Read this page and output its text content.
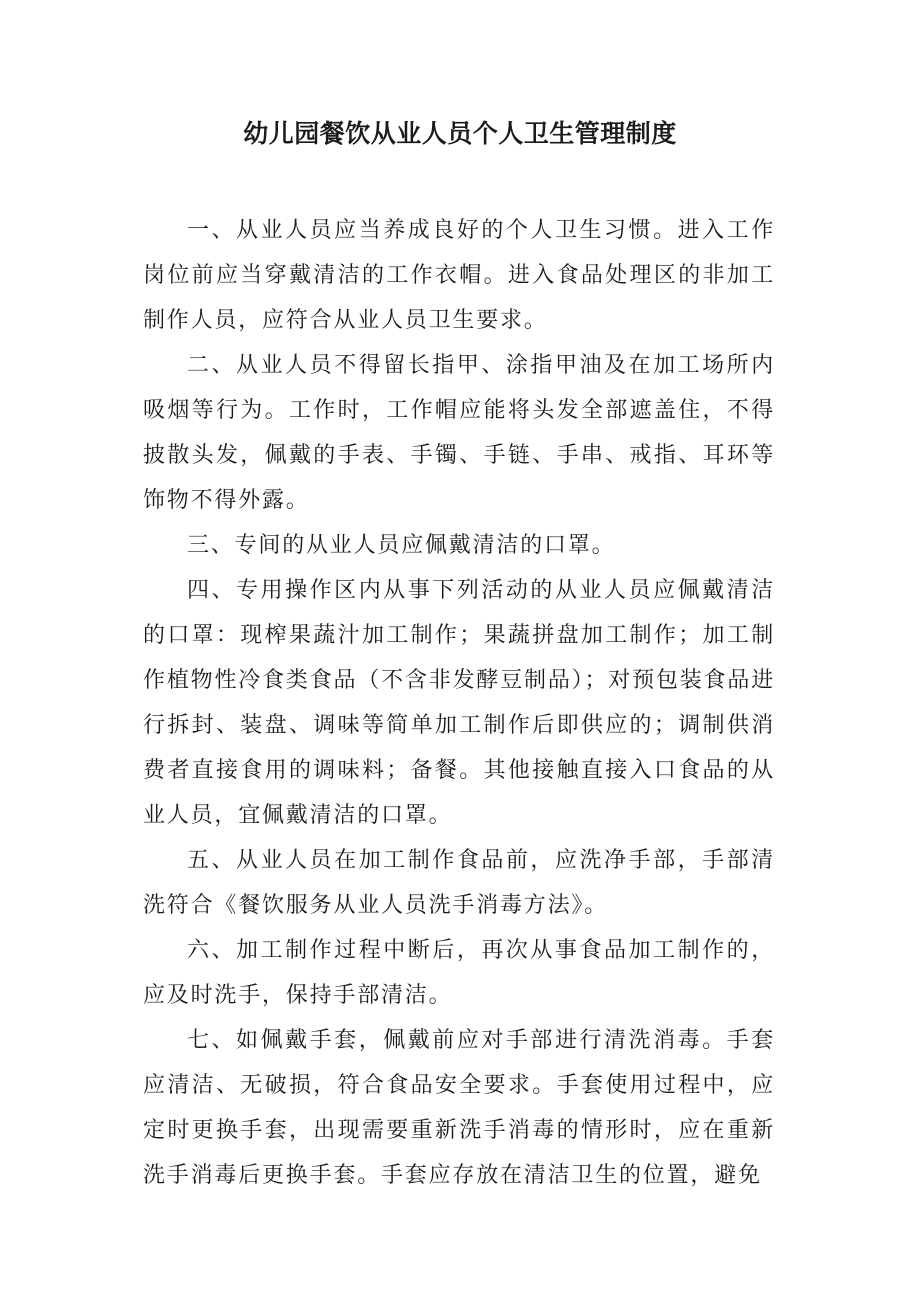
幼儿园餐饮从业人员个人卫生管理制度

一、从业人员应当养成良好的个人卫生习惯。进入工作岗位前应当穿戴清洁的工作衣帽。进入食品处理区的非加工制作人员，应符合从业人员卫生要求。

二、从业人员不得留长指甲、涂指甲油及在加工场所内吸烟等行为。工作时，工作帽应能将头发全部遮盖住，不得披散头发，佩戴的手表、手镯、手链、手串、戒指、耳环等饰物不得外露。

三、专间的从业人员应佩戴清洁的口罩。

四、专用操作区内从事下列活动的从业人员应佩戴清洁的口罩：现榨果蔬汁加工制作；果蔬拼盘加工制作；加工制作植物性冷食类食品（不含非发酵豆制品）；对预包装食品进行拆封、装盘、调味等简单加工制作后即供应的；调制供消费者直接食用的调味料；备餐。其他接触直接入口食品的从业人员，宜佩戴清洁的口罩。

五、从业人员在加工制作食品前，应洗净手部，手部清洗符合《餐饮服务从业人员洗手消毒方法》。

六、加工制作过程中断后，再次从事食品加工制作的，应及时洗手，保持手部清洁。

七、如佩戴手套，佩戴前应对手部进行清洗消毒。手套应清洁、无破损，符合食品安全要求。手套使用过程中，应定时更换手套，出现需要重新洗手消毒的情形时，应在重新洗手消毒后更换手套。手套应存放在清洁卫生的位置，避免
